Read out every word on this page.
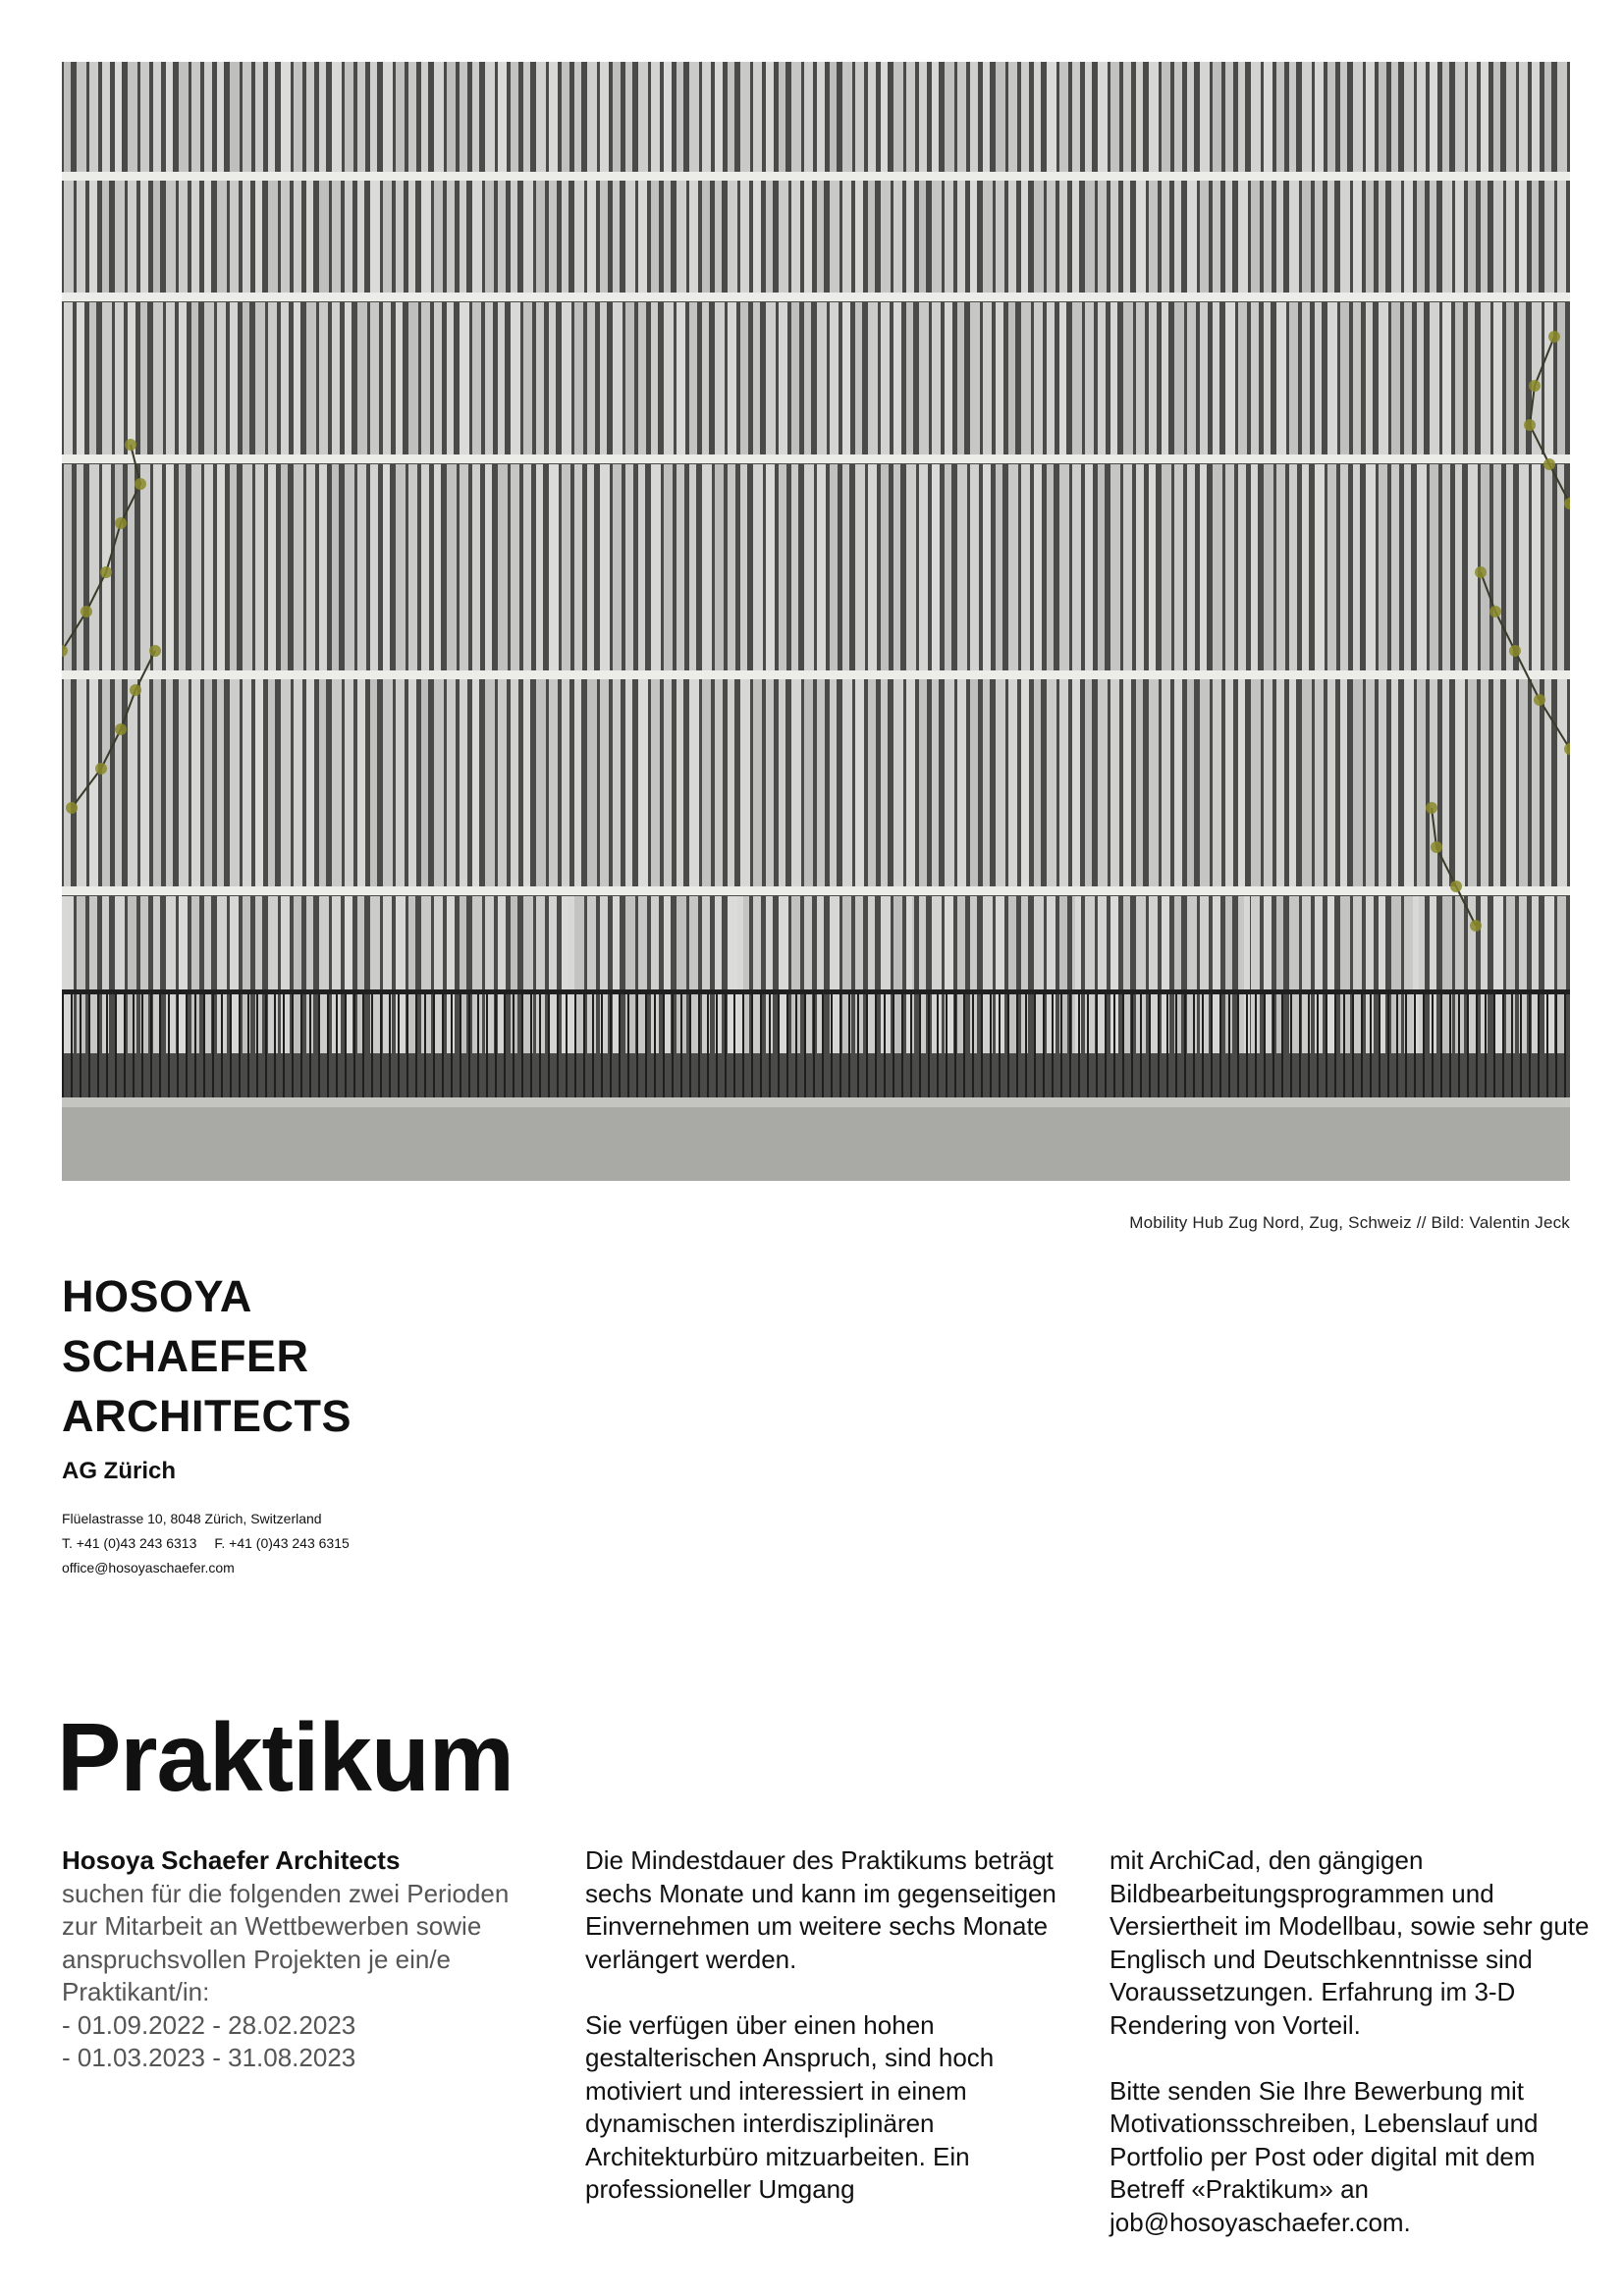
Mobility Hub Zug Nord, Zug, Schweiz // Bild: Valentin Jeck
HOSOYA
SCHAEFER
ARCHITECTS
AG Zürich
Flüelastrasse 10, 8048 Zürich, Switzerland
T. +41 (0)43 243 6313 F. +41 (0)43 243 6315
office@hosoyaschaefer.com
Praktikum
Hosoya Schaefer Architects
suchen für die folgenden zwei Perioden zur Mitarbeit an Wettbewerben sowie anspruchsvollen Projekten je ein/e Praktikant/in:
- 01.09.2022 - 28.02.2023
- 01.03.2023 - 31.08.2023

Die Mindestdauer des Praktikums beträgt sechs Monate und kann im gegenseitigen Einvernehmen um weitere sechs Monate verlängert werden.

Sie verfügen über einen hohen gestalterischen Anspruch, sind hoch motiviert und interessiert in einem dynamischen interdisziplinären Architekturbüro mitzuarbeiten. Ein professioneller Umgang

mit ArchiCad, den gängigen Bildbearbeitungsprogrammen und Versiertheit im Modellbau, sowie sehr gute Englisch und Deutschkenntnisse sind Voraussetzungen. Erfahrung im 3-D Rendering von Vorteil.

Bitte senden Sie Ihre Bewerbung mit Motivationsschreiben, Lebenslauf und Portfolio per Post oder digital mit dem Betreff «Praktikum» an job@hosoyaschaefer.com.
